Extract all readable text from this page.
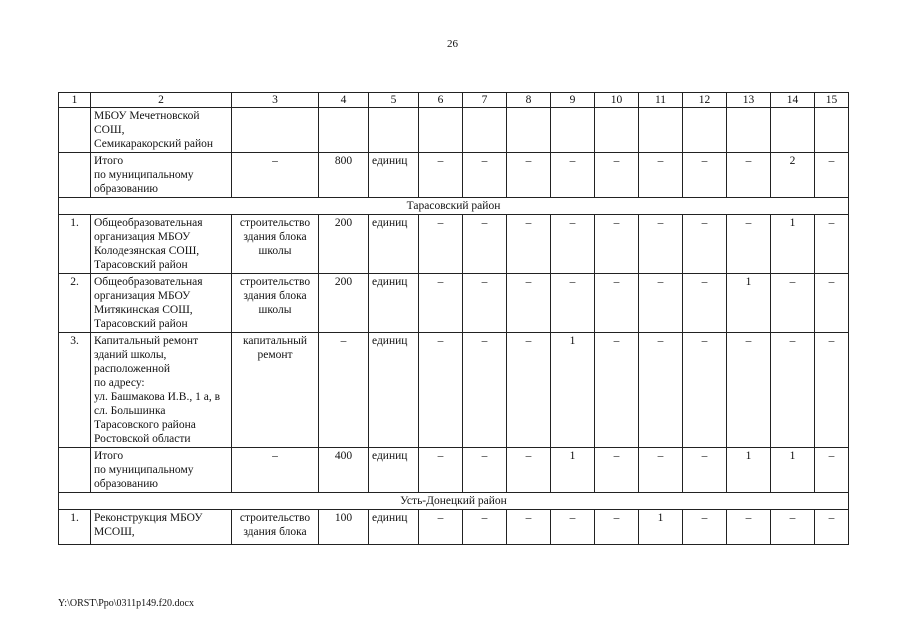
26
1	2	3	4	5	6	7	8	9	10	11	12	13	14	15
	МБОУ Мечетновской СОШ,
Семикаракорский район													
	Итого
по муниципальному образованию	–	800	единиц	–	–	–	–	–	–	–	–	2	–
Тарасовский район														
1.	Общеобразовательная организация МБОУ Колодезянская СОШ, Тарасовский район	строительство здания блока школы	200	единиц	–	–	–	–	–	–	–	–	1	–
2.	Общеобразовательная организация МБОУ Митякинская СОШ, Тарасовский район	строительство здания блока школы	200	единиц	–	–	–	–	–	–	–	1	–	–
3.	Капитальный ремонт зданий школы, расположенной
по адресу:
ул. Башмакова И.В., 1 а, в сл. Большинка Тарасовского района Ростовской области	капитальный ремонт	–	единиц	–	–	–	1	–	–	–	–	–	–
	Итого
по муниципальному образованию	–	400	единиц	–	–	–	1	–	–	–	1	1	–
Усть-Донецкий район														

1.	Реконструкция МБОУ МСОШ,	строительство здания блока	100	единиц	–	–	–	–	–	1	–	–	–	–
Y:\ORST\Ppo\0311p149.f20.docx
